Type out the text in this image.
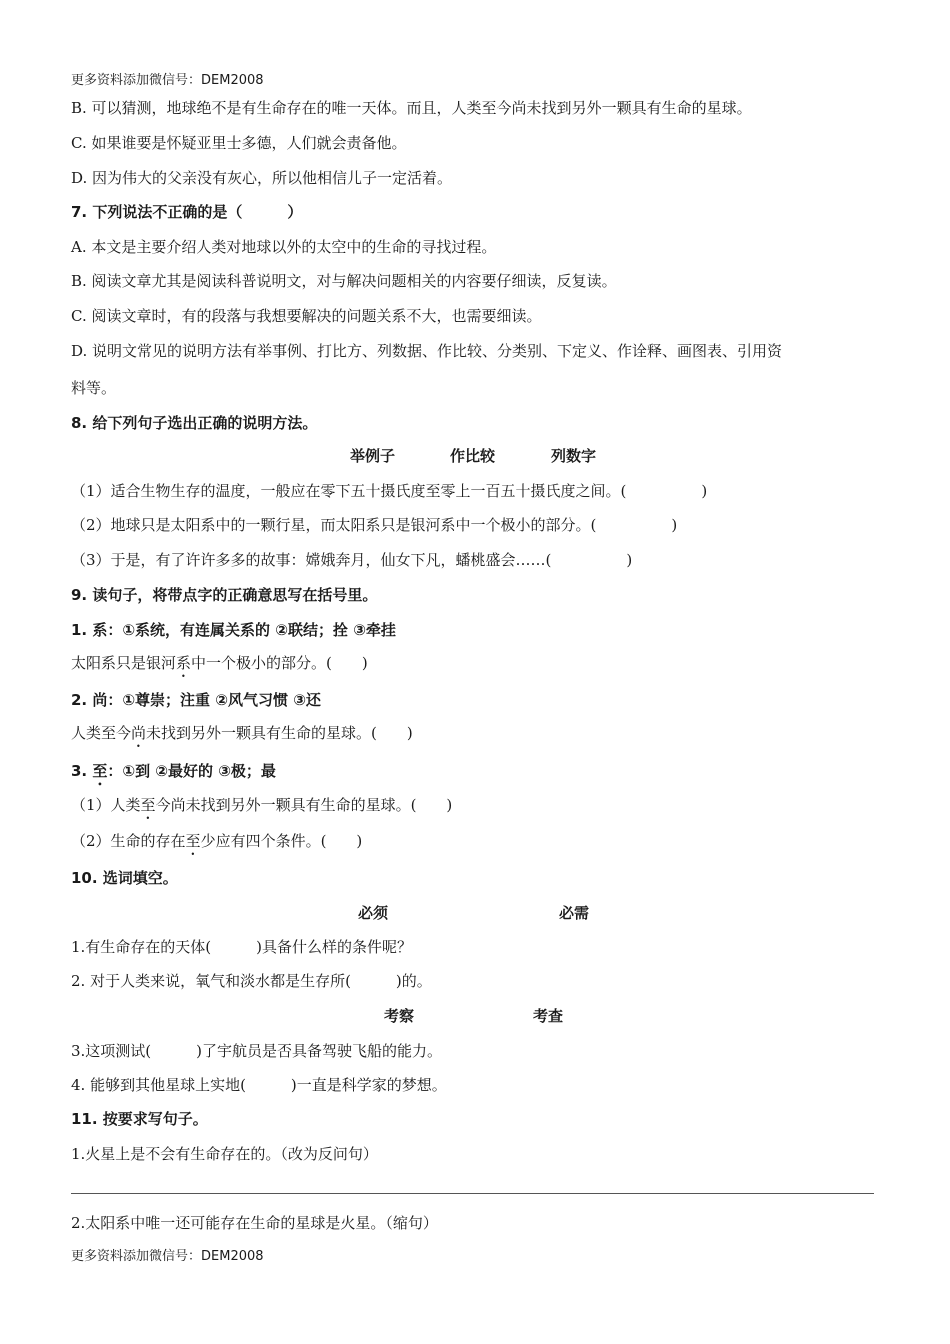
更多资料添加微信号：DEM2008
B. 可以猜测，地球绝不是有生命存在的唯一天体。而且，人类至今尚未找到另外一颗具有生命的星球。
C. 如果谁要是怀疑亚里士多德，人们就会责备他。
D. 因为伟大的父亲没有灰心，所以他相信儿子一定活着。
7. 下列说法不正确的是（　　　）
A. 本文是主要介绍人类对地球以外的太空中的生命的寻找过程。
B. 阅读文章尤其是阅读科普说明文，对与解决问题相关的内容要仔细读，反复读。
C. 阅读文章时，有的段落与我想要解决的问题关系不大，也需要细读。
D. 说明文常见的说明方法有举事例、打比方、列数据、作比较、分类别、下定义、作诠释、画图表、引用资
料等。
8. 给下列句子选出正确的说明方法。
举例子	作比较	列数字
（1）适合生物生存的温度，一般应在零下五十摄氏度至零上一百五十摄氏度之间。(　　　　　)
（2）地球只是太阳系中的一颗行星，而太阳系只是银河系中一个极小的部分。(　　　　　)
（3）于是，有了许许多多的故事：嫦娥奔月，仙女下凡，蟠桃盛会……(　　　　　)
9. 读句子，将带点字的正确意思写在括号里。
1. 系：①系统，有连属关系的 ②联结；拴 ③牵挂
太阳系只是银河系中一个极小的部分。(　　)
2. 尚：①尊崇；注重 ②风气习惯 ③还
人类至今尚未找到另外一颗具有生命的星球。(　　)
3. 至：①到 ②最好的 ③极；最
（1）人类至今尚未找到另外一颗具有生命的星球。(　　)
（2）生命的存在至少应有四个条件。(　　)
10. 选词填空。
必须	必需
1.有生命存在的天体(　　　)具备什么样的条件呢？
2. 对于人类来说，氧气和淡水都是生存所(　　　)的。
考察	考查
3.这项测试(　　　)了宇航员是否具备驾驶飞船的能力。
4. 能够到其他星球上实地(　　　)一直是科学家的梦想。
11. 按要求写句子。
1.火星上是不会有生命存在的。（改为反问句）
2.太阳系中唯一还可能存在生命的星球是火星。（缩句）
更多资料添加微信号：DEM2008
